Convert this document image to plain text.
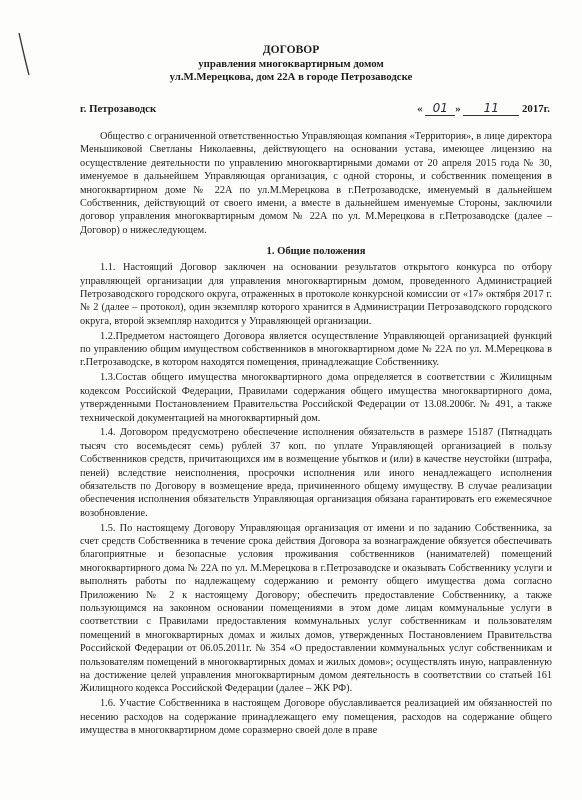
ДОГОВОР
управления многоквартирным домом
ул.М.Мерецкова, дом 22А в городе Петрозаводске
г. Петрозаводск	« 01 » 11 2017г.

Общество с ограниченной ответственностью Управляющая компания «Территория», в лице директора Меньшиковой Светланы Николаевны, действующего на основании устава, имеющее лицензию на осуществление деятельности по управлению многоквартирными домами от 20 апреля 2015 года № 30, именуемое в дальнейшем Управляющая организация, с одной стороны, и собственник помещения в многоквартирном доме № 22А по ул.М.Мерецкова в г.Петрозаводске, именуемый в дальнейшем Собственник, действующий от своего имени, а вместе в дальнейшем именуемые Стороны, заключили договор управления многоквартирным домом № 22А по ул. М.Мерецкова в г.Петрозаводске (далее – Договор) о нижеследующем.

1. Общие положения

1.1. Настоящий Договор заключен на основании результатов открытого конкурса по отбору управляющей организации для управления многоквартирным домом, проведенного Администрацией Петрозаводского городского округа, отраженных в протоколе конкурсной комиссии от «17» октября 2017 г. № 2 (далее – протокол), один экземпляр которого хранится в Администрации Петрозаводского городского округа, второй экземпляр находится у Управляющей организации.

1.2.Предметом настоящего Договора является осуществление Управляющей организацией функций по управлению общим имуществом собственников в многоквартирном доме № 22А по ул. М.Мерецкова в г.Петрозаводске, в котором находятся помещения, принадлежащие Собственнику.

1.3.Состав общего имущества многоквартирного дома определяется в соответствии с Жилищным кодексом Российской Федерации, Правилами содержания общего имущества многоквартирного дома, утвержденными Постановлением Правительства Российской Федерации от 13.08.2006г. № 491, а также технической документацией на многоквартирный дом.

1.4. Договором предусмотрено обеспечение исполнения обязательств в размере 15187 (Пятнадцать тысяч сто восемьдесят семь) рублей 37 коп. по уплате Управляющей организацией в пользу Собственников средств, причитающихся им в возмещение убытков и (или) в качестве неустойки (штрафа, пеней) вследствие неисполнения, просрочки исполнения или иного ненадлежащего исполнения обязательств по Договору в возмещение вреда, причиненного общему имуществу. В случае реализации обеспечения исполнения обязательств Управляющая организация обязана гарантировать его ежемесячное возобновление.

1.5. По настоящему Договору Управляющая организация от имени и по заданию Собственника, за счет средств Собственника в течение срока действия Договора за вознаграждение обязуется обеспечивать благоприятные и безопасные условия проживания собственников (нанимателей) помещений многоквартирного дома № 22А по ул. М.Мерецкова в г.Петрозаводске и оказывать Собственнику услуги и выполнять работы по надлежащему содержанию и ремонту общего имущества дома согласно Приложению № 2 к настоящему Договору; обеспечить предоставление Собственнику, а также пользующимся на законном основании помещениями в этом доме лицам коммунальные услуги в соответствии с Правилами предоставления коммунальных услуг собственникам и пользователям помещений в многоквартирных домах и жилых домов, утвержденных Постановлением Правительства Российской Федерации от 06.05.2011г. № 354 «О предоставлении коммунальных услуг собственникам и пользователям помещений в многоквартирных домах и жилых домов»; осуществлять иную, направленную на достижение целей управления многоквартирным домом деятельность в соответствии со статьей 161 Жилищного кодекса Российской Федерации (далее – ЖК РФ).

1.6. Участие Собственника в настоящем Договоре обуславливается реализацией им обязанностей по несению расходов на содержание принадлежащего ему помещения, расходов на содержание общего имущества в многоквартирном доме соразмерно своей доле в праве
